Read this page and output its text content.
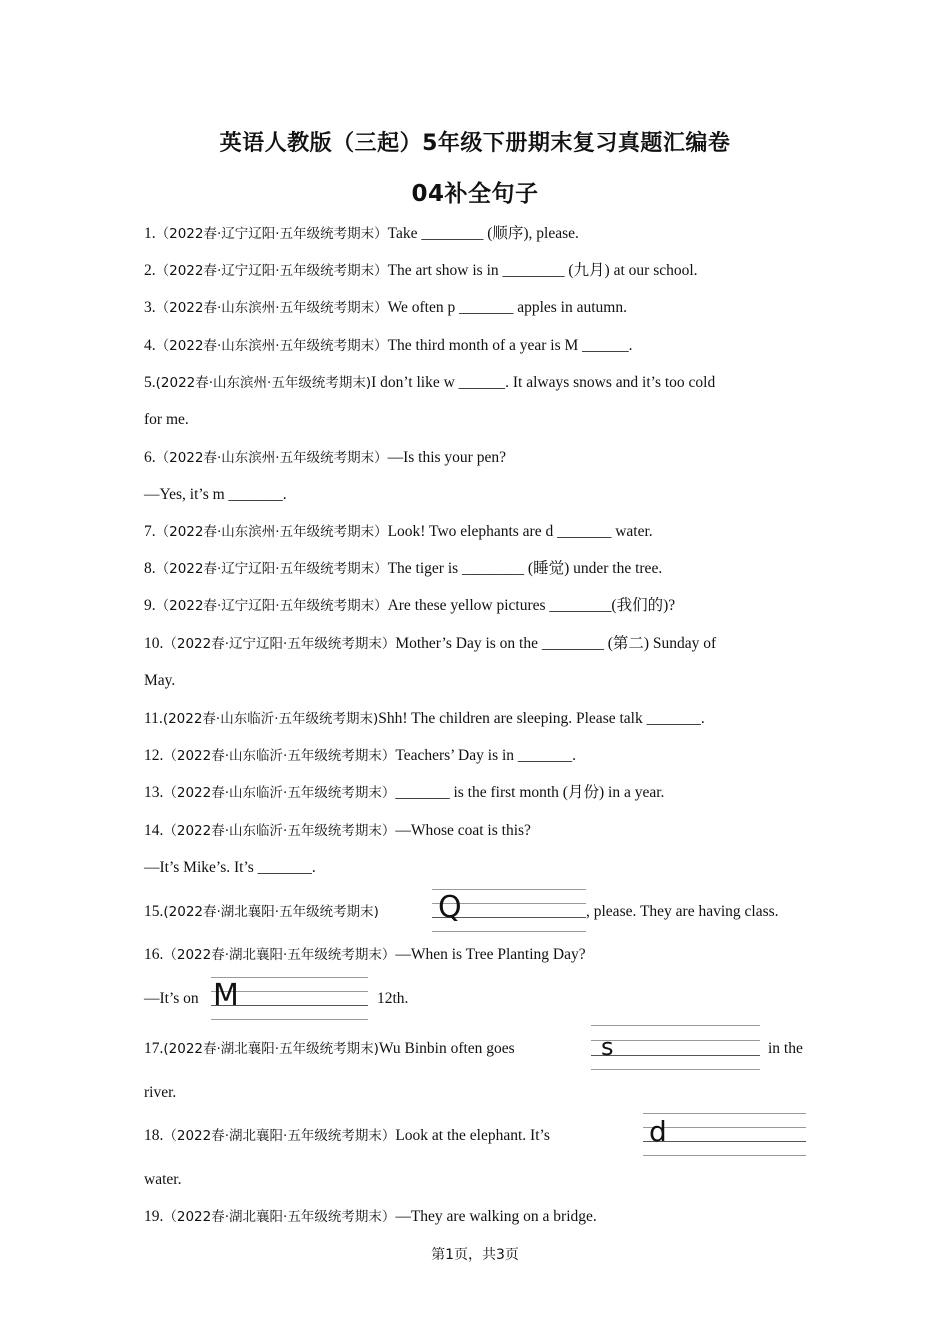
英语人教版（三起）5年级下册期末复习真题汇编卷
04补全句子
1.（2022春·辽宁辽阳·五年级统考期末）Take ________ (顺序), please.
2.（2022春·辽宁辽阳·五年级统考期末）The art show is in ________ (九月) at our school.
3.（2022春·山东滨州·五年级统考期末）We often p _______ apples in autumn.
4.（2022春·山东滨州·五年级统考期末）The third month of a year is M ______.
5.(2022春·山东滨州·五年级统考期末)I don’t like w ______. It always snows and it’s too cold
for me.
6.（2022春·山东滨州·五年级统考期末）—Is this your pen?
—Yes, it’s m _______.
7.（2022春·山东滨州·五年级统考期末）Look! Two elephants are d _______ water.
8.（2022春·辽宁辽阳·五年级统考期末）The tiger is ________ (睡觉) under the tree.
9.（2022春·辽宁辽阳·五年级统考期末）Are these yellow pictures ________(我们的)?
10.（2022春·辽宁辽阳·五年级统考期末）Mother’s Day is on the ________ (第二) Sunday of
May.
11.(2022春·山东临沂·五年级统考期末)Shh! The children are sleeping. Please talk _______.
12.（2022春·山东临沂·五年级统考期末）Teachers’ Day is in _______.
13.（2022春·山东临沂·五年级统考期末）_______ is the first month (月份) in a year.
14.（2022春·山东临沂·五年级统考期末）—Whose coat is this?
—It’s Mike’s. It’s _______.
15.(2022春·湖北襄阳·五年级统考期末) Q	, please. They are having class.
16.（2022春·湖北襄阳·五年级统考期末）—When is Tree Planting Day?
—It’s on M	12th.
17.(2022春·湖北襄阳·五年级统考期末)Wu Binbin often goes	s	in the
river.
18.（2022春·湖北襄阳·五年级统考期末）Look at the elephant. It’s	d
water.
19.（2022春·湖北襄阳·五年级统考期末）—They are walking on a bridge.
第1页，共3页
